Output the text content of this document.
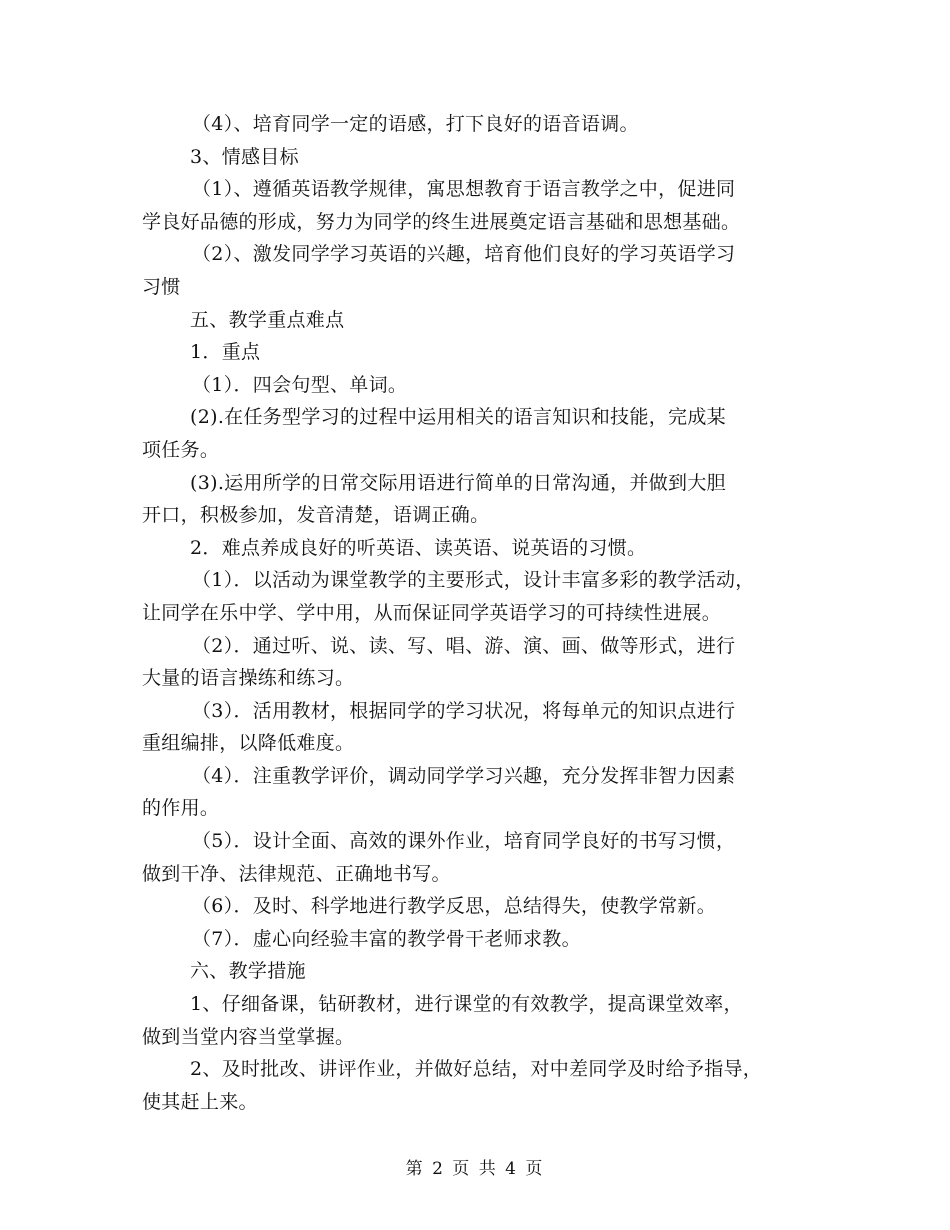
（4）、培育同学一定的语感，打下良好的语音语调。
3、情感目标
（1）、遵循英语教学规律，寓思想教育于语言教学之中，促进同
学良好品德的形成，努力为同学的终生进展奠定语言基础和思想基础。
（2）、激发同学学习英语的兴趣，培育他们良好的学习英语学习
习惯
五、教学重点难点
1．重点
（1）．四会句型、单词。
(2).在任务型学习的过程中运用相关的语言知识和技能，完成某
项任务。
(3).运用所学的日常交际用语进行简单的日常沟通，并做到大胆
开口，积极参加，发音清楚，语调正确。
2．难点养成良好的听英语、读英语、说英语的习惯。
（1）．以活动为课堂教学的主要形式，设计丰富多彩的教学活动，
让同学在乐中学、学中用，从而保证同学英语学习的可持续性进展。
（2）．通过听、说、读、写、唱、游、演、画、做等形式，进行
大量的语言操练和练习。
（3）．活用教材，根据同学的学习状况，将每单元的知识点进行
重组编排，以降低难度。
（4）．注重教学评价，调动同学学习兴趣，充分发挥非智力因素
的作用。
（5）．设计全面、高效的课外作业，培育同学良好的书写习惯，
做到干净、法律规范、正确地书写。
（6）．及时、科学地进行教学反思，总结得失，使教学常新。
（7）．虚心向经验丰富的教学骨干老师求教。
六、教学措施
1、仔细备课，钻研教材，进行课堂的有效教学，提高课堂效率，
做到当堂内容当堂掌握。
2、及时批改、讲评作业，并做好总结，对中差同学及时给予指导，
使其赶上来。
第 2 页 共 4 页
